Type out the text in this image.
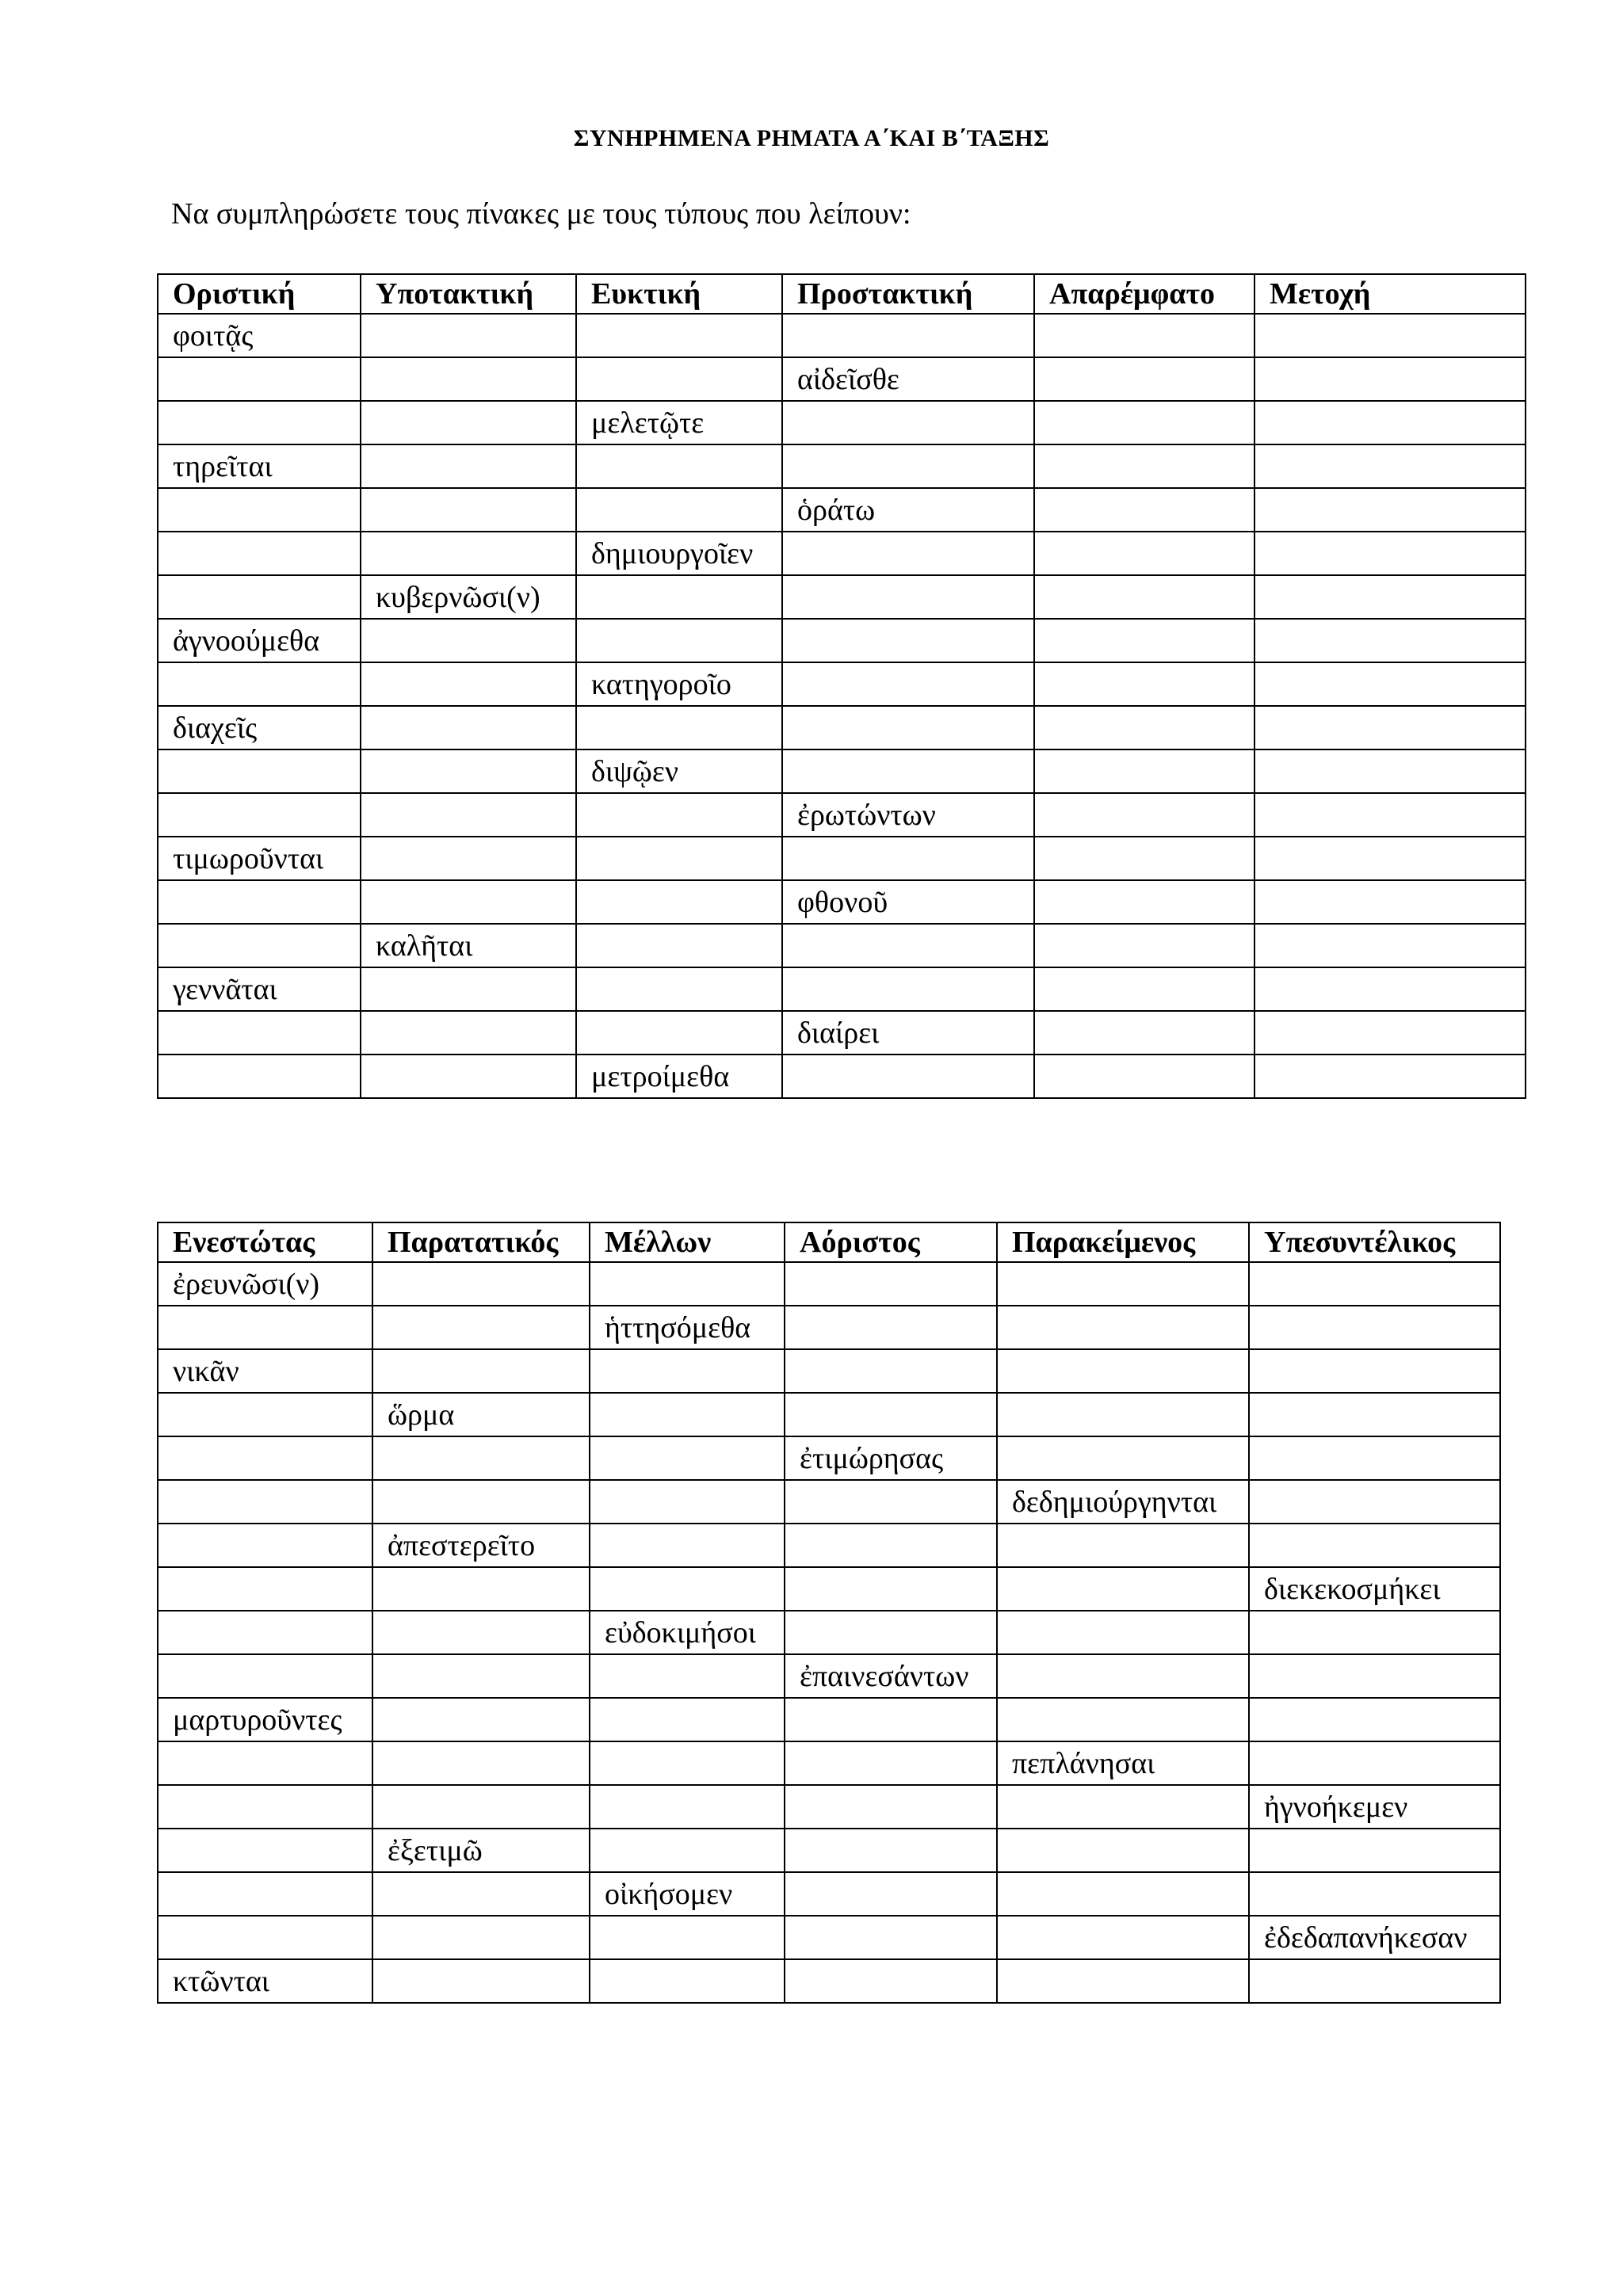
ΣΥΝΗΡΗΜΕΝΑ ΡΗΜΑΤΑ Α΄ΚΑΙ Β΄ΤΑΞΗΣ
Να συμπληρώσετε τους πίνακες με τους τύπους που λείπουν:
Οριστική	Υποτακτική	Ευκτική	Προστακτική	Απαρέμφατο	Μετοχή
φοιτᾷς					
			αἰδεῖσθε		
		μελετῷτε			
τηρεῖται					
			ὁράτω		
		δημιουργοῖεν			
	κυβερνῶσι(ν)				
ἀγνοούμεθα					
		κατηγοροῖο			
διαχεῖς					
		διψῷεν			
			ἐρωτώντων		
τιμωροῦνται					
			φθονοῦ		
	καλῆται				
γεννᾶται					
			διαίρει		
		μετροίμεθα			
Ενεστώτας	Παρατατικός	Μέλλων	Αόριστος	Παρακείμενος	Υπεσυντέλικος
ἐρευνῶσι(ν)					
		ἡττησόμεθα			
νικᾶν					
	ὥρμα				
			ἐτιμώρησας		
				δεδημιούργηνται	
	ἀπεστερεῖτο				
					διεκεκοσμήκει
		εὐδοκιμήσοι			
			ἐπαινεσάντων		
μαρτυροῦντες					
				πεπλάνησαι	
					ἠγνοήκεμεν
	ἐξετιμῶ				
		οἰκήσομεν			
					ἐδεδαπανήκεσαν
κτῶνται					
